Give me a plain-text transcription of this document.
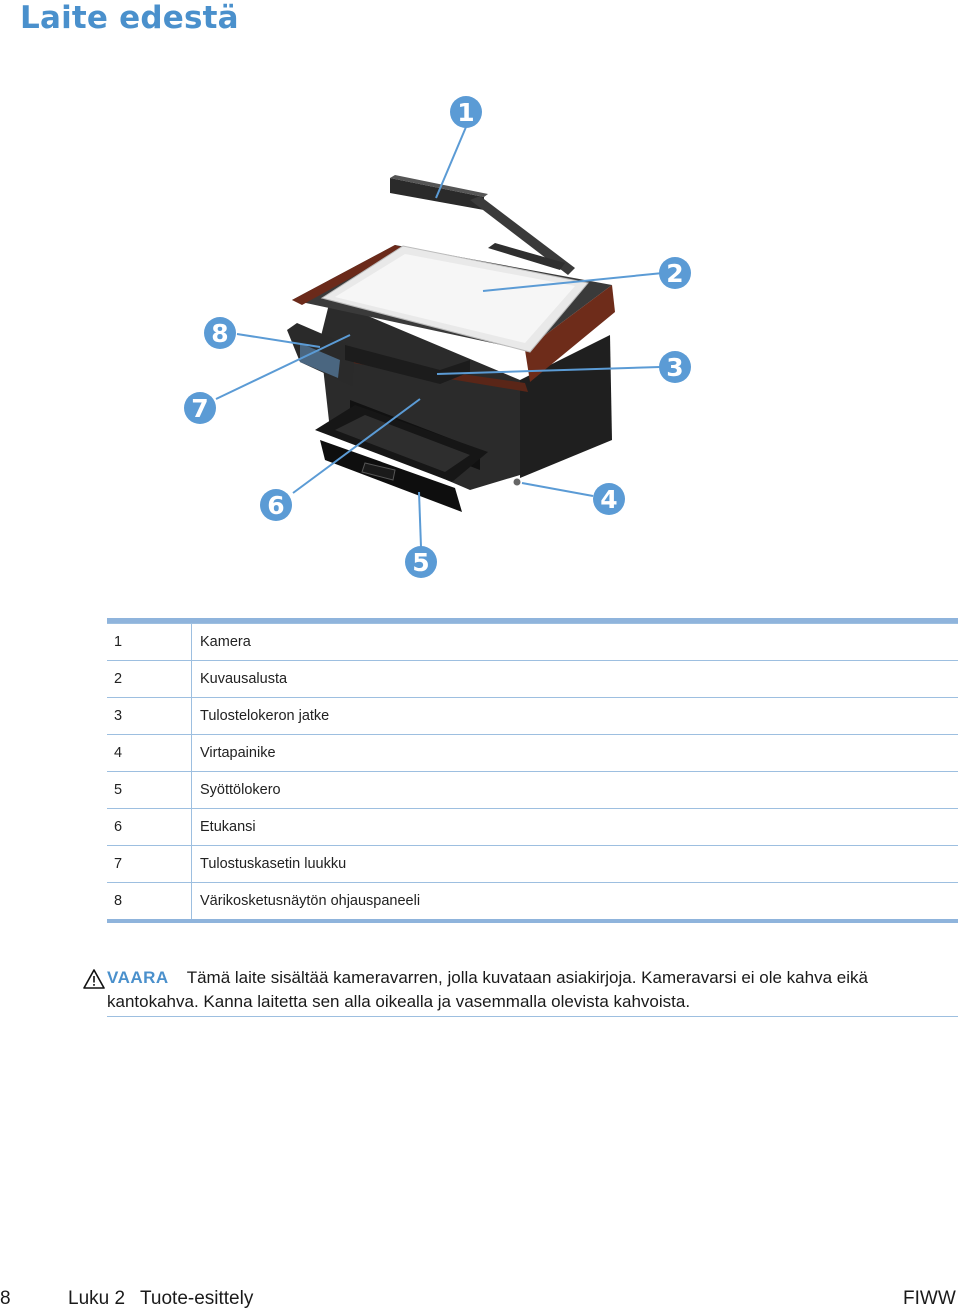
Laite edestä
1
2
3
4
5
6
7
8

1	Kamera
2	Kuvausalusta
3	Tulostelokeron jatke
4	Virtapainike
5	Syöttölokero
6	Etukansi
7	Tulostuskasetin luukku
8	Värikosketusnäytön ohjauspaneeli
VAARA Tämä laite sisältää kameravarren, jolla kuvataan asiakirjoja. Kameravarsi ei ole kahva eikä kantokahva. Kanna laitetta sen alla oikealla ja vasemmalla olevista kahvoista.
8	Luku 2 Tuote-esittely	FIWW
